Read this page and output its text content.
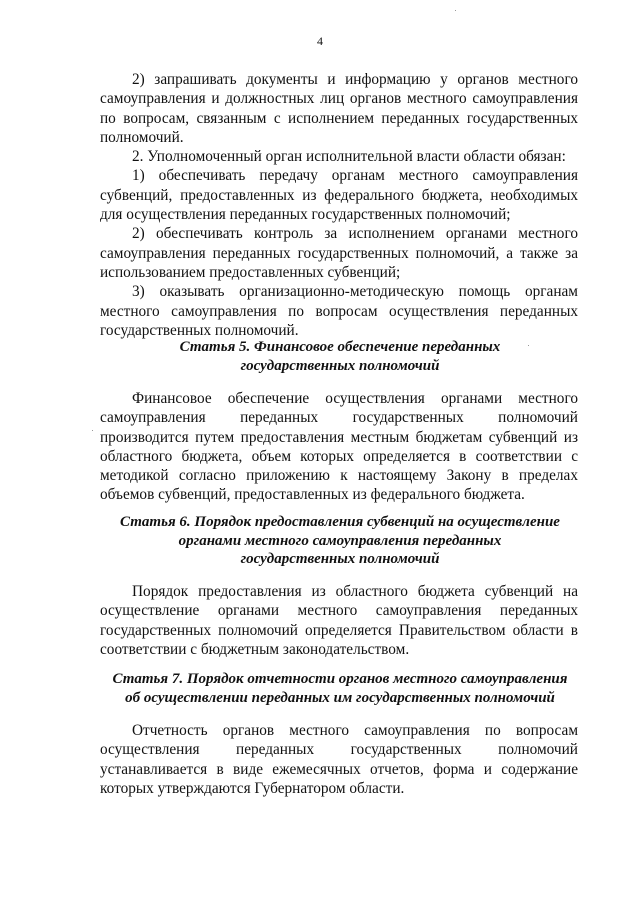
4

2) запрашивать документы и информацию у органов местного самоуправления и должностных лиц органов местного самоуправления по вопросам, связанным с исполнением переданных государственных полномочий.

2. Уполномоченный орган исполнительной власти области обязан:

1) обеспечивать передачу органам местного самоуправления субвенций, предоставленных из федерального бюджета, необходимых для осуществления переданных государственных полномочий;

2) обеспечивать контроль за исполнением органами местного самоуправления переданных государственных полномочий, а также за использованием предоставленных субвенций;

3) оказывать организационно-методическую помощь органам местного самоуправления по вопросам осуществления переданных государственных полномочий.

Статья 5. Финансовое обеспечение переданных
государственных полномочий

Финансовое обеспечение осуществления органами местного самоуправления переданных государственных полномочий производится путем предоставления местным бюджетам субвенций из областного бюджета, объем которых определяется в соответствии с методикой согласно приложению к настоящему Закону в пределах объемов субвенций, предоставленных из федерального бюджета.

Статья 6. Порядок предоставления субвенций на осуществление
органами местного самоуправления переданных
государственных полномочий

Порядок предоставления из областного бюджета субвенций на осуществление органами местного самоуправления переданных государственных полномочий определяется Правительством области в соответствии с бюджетным законодательством.

Статья 7. Порядок отчетности органов местного самоуправления
об осуществлении переданных им государственных полномочий

Отчетность органов местного самоуправления по вопросам осуществления переданных государственных полномочий устанавливается в виде ежемесячных отчетов, форма и содержание которых утверждаются Губернатором области.
